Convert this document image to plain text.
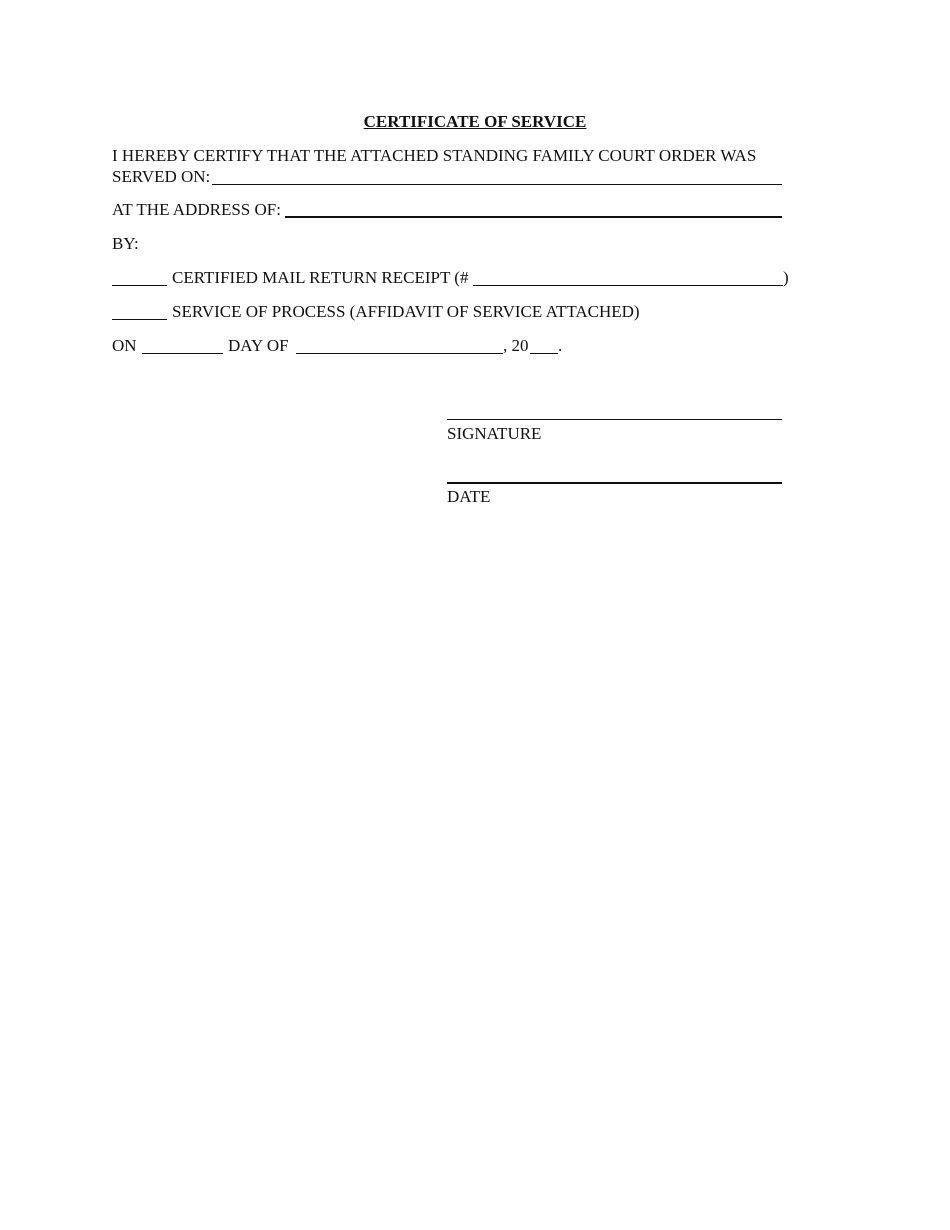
CERTIFICATE OF SERVICE
I HEREBY CERTIFY THAT THE ATTACHED STANDING FAMILY COURT ORDER WAS
SERVED ON:
AT THE ADDRESS OF:
BY:
CERTIFIED MAIL RETURN RECEIPT (#	)
SERVICE OF PROCESS (AFFIDAVIT OF SERVICE ATTACHED)
ON	DAY OF	, 20 .
SIGNATURE
DATE
